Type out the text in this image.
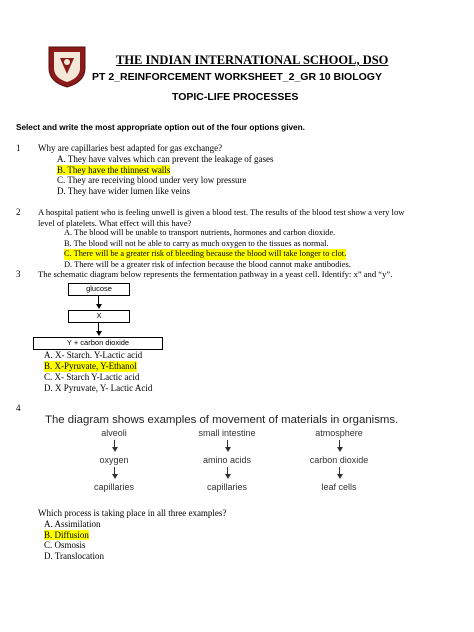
THE INDIAN INTERNATIONAL SCHOOL, DSO
PT 2_REINFORCEMENT WORKSHEET_2_GR 10 BIOLOGY
TOPIC-LIFE PROCESSES
Select and write the most appropriate option out of the four options given.
1 Why are capillaries best adapted for gas exchange?
A. They have valves which can prevent the leakage of gases
B. They have the thinnest walls
C. They are receiving blood under very low pressure
D. They have wider lumen like veins
2 A hospital patient who is feeling unwell is given a blood test. The results of the blood test show a very low
level of platelets. What effect will this have?
A. The blood will be unable to transport nutrients, hormones and carbon dioxide.
B. The blood will not be able to carry as much oxygen to the tissues as normal.
C. There will be a greater risk of bleeding because the blood will take longer to clot.
D. There will be a greater risk of infection because the blood cannot make antibodies.
3 The schematic diagram below represents the fermentation pathway in a yeast cell. Identify: x” and “y”.
glucose
X
Y + carbon dioxide
A. X- Starch. Y-Lactic acid
B. X-Pyruvate, Y-Ethanol
C. X- Starch Y-Lactic acid
D. X Pyruvate, Y- Lactic Acid
4
The diagram shows examples of movement of materials in organisms.
alveoli
oxygen
capillaries
small intestine
amino acids
capillaries
atmosphere
carbon dioxide
leaf cells
Which process is taking place in all three examples?
A. Assimilation
B. Diffusion
C. Osmosis
D. Translocation
